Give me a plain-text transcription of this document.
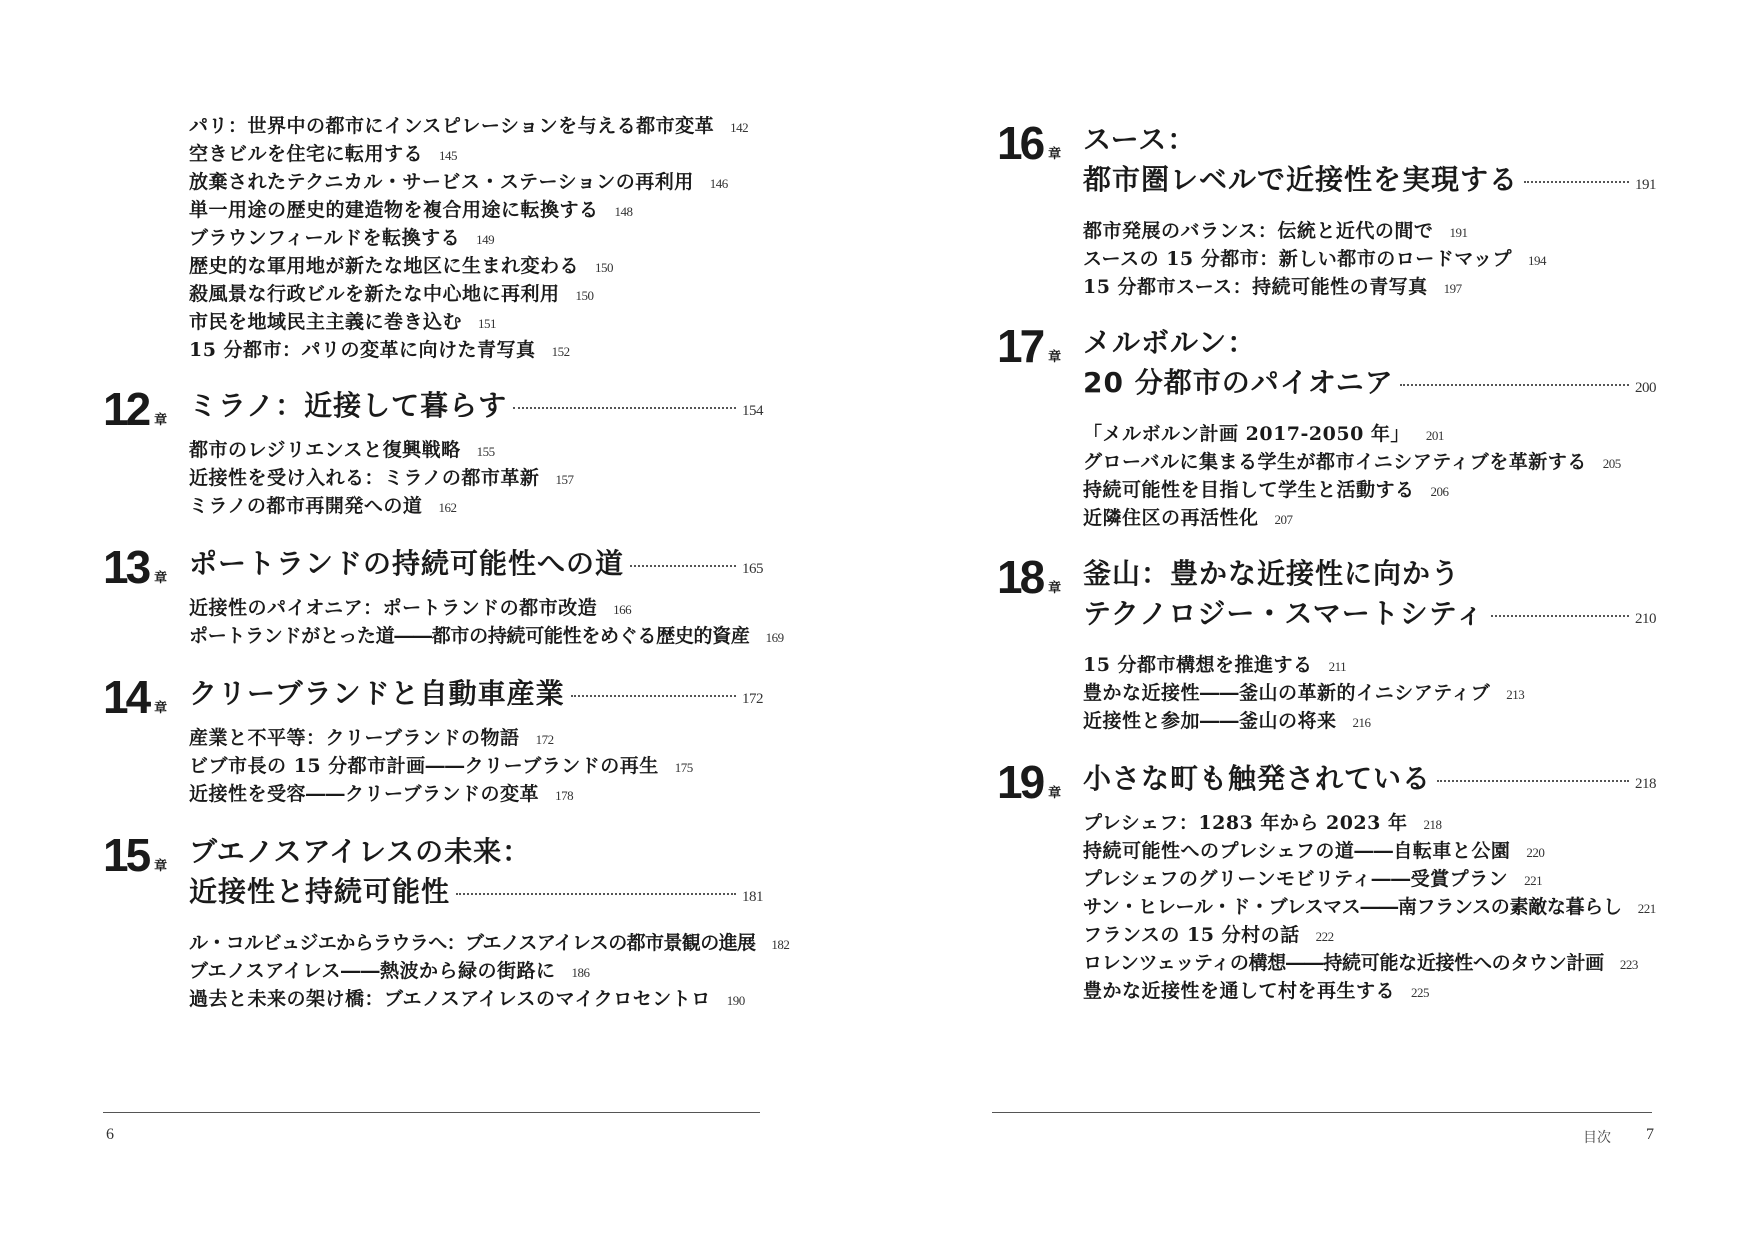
パリ：世界中の都市にインスピレーションを与える都市変革 142
空きビルを住宅に転用する 145
放棄されたテクニカル・サービス・ステーションの再利用 146
単一用途の歴史的建造物を複合用途に転換する 148
ブラウンフィールドを転換する 149
歴史的な軍用地が新たな地区に生まれ変わる 150
殺風景な行政ビルを新たな中心地に再利用 150
市民を地域民主主義に巻き込む 151
15 分都市：パリの変革に向けた青写真 152
12 章 ミラノ：近接して暮らす	154
都市のレジリエンスと復興戦略 155
近接性を受け入れる：ミラノの都市革新 157
ミラノの都市再開発への道 162
13 章 ポートランドの持続可能性への道	165
近接性のパイオニア：ポートランドの都市改造 166
ポートランドがとった道――都市の持続可能性をめぐる歴史的資産 169
14 章 クリーブランドと自動車産業	172
産業と不平等：クリーブランドの物語 172
ビブ市長の 15 分都市計画――クリーブランドの再生 175
近接性を受容――クリーブランドの変革 178
15 章 ブエノスアイレスの未来：
近接性と持続可能性	181
ル・コルビュジエからラウラへ：ブエノスアイレスの都市景観の進展 182
ブエノスアイレス――熱波から緑の街路に 186
過去と未来の架け橋：ブエノスアイレスのマイクロセントロ 190
6
16 章 スース：
都市圏レベルで近接性を実現する	191
都市発展のバランス：伝統と近代の間で 191
スースの 15 分都市：新しい都市のロードマップ 194
15 分都市スース：持続可能性の青写真 197
17 章 メルボルン：
20 分都市のパイオニア	200
「メルボルン計画 2017-2050 年」 201
グローバルに集まる学生が都市イニシアティブを革新する 205
持続可能性を目指して学生と活動する 206
近隣住区の再活性化 207
18 章 釜山：豊かな近接性に向かう
テクノロジー・スマートシティ	210
15 分都市構想を推進する 211
豊かな近接性――釜山の革新的イニシアティブ 213
近接性と参加――釜山の将来 216
19 章 小さな町も触発されている	218
プレシェフ：1283 年から 2023 年 218
持続可能性へのプレシェフの道――自転車と公園 220
プレシェフのグリーンモビリティ――受賞プラン 221
サン・ヒレール・ド・ブレスマス――南フランスの素敵な暮らし 221
フランスの 15 分村の話 222
ロレンツェッティの構想――持続可能な近接性へのタウン計画 223
豊かな近接性を通して村を再生する 225
目次 7
